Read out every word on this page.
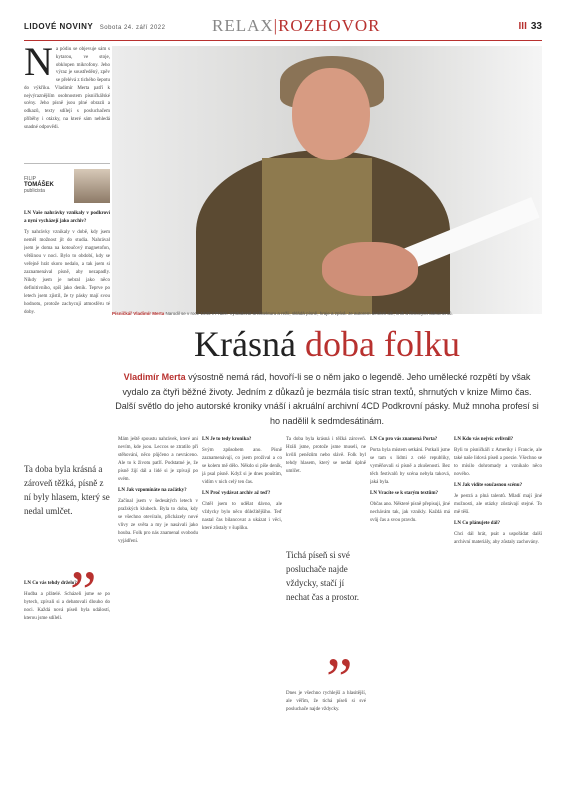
LIDOVÉ NOVINY Sobota 24. září 2022	RELAX|ROZHOVOR	III 33
N a pódiu se objevuje sám s kytarou, ve stoje, obklopen mikrofony. Jeho výraz je soustředěný, zpěv se přelévá z tichého šepotu do výkřiku. Vladimír Merta patří k nejvýraznějším osobnostem písničkářské scény. Jeho písně jsou plné obrazů a odkazů, texty sdílejí s posluchačem příběhy i otázky, na které sám nehledá snadné odpovědi.
FILIP
TOMÁŠEK
publicista
Písničkář Vladimír Merta Narodil se v roce 1946 v Praze. Vystudoval architekturu a režii, skládá písně, hraje a zpívá. Je autorem desítek alb, knih a filmových dokumentů.
Krásná doba folku
Vladimír Merta výsostně nemá rád, hovoří-li se o něm jako o legendě. Jeho umělecké rozpětí by však vydalo za čtyři běžné životy. Jedním z důkazů je bezmála tisíc stran textů, shrnutých v knize Mimo čas. Další světlo do jeho autorské kroniky vnáší i akruální archivní 4CD Podkrovní pásky. Muž mnoha profesí si ho nadělil k sedmdesátinám.

LN Vaše nahrávky vznikaly v podkroví a nyní vycházejí jako archiv?

Ty nahrávky vznikaly v době, kdy jsem neměl možnost jít do studia. Nahrával jsem je doma na kotoučový magnetofon, většinou v noci. Bylo to období, kdy se veřejně hrát skoro nedalo, a tak jsem si zaznamenával písně, aby nezapadly. Nikdy jsem je nebral jako něco definitivního, spíš jako deník. Teprve po letech jsem zjistil, že ty pásky mají svou hodnotu, protože zachycují atmosféru té doby.

Ta doba byla krásná a zároveň těžká, písně z ní byly hlasem, který se nedal umlčet.
„

LN Co vás tehdy drželo?

Hudba a přátelé. Scházeli jsme se po bytech, zpívali si a debatovali dlouho do noci. Každá nová píseň byla událostí, kterou jsme sdíleli.

Mám ještě spoustu nahrávek, které ani nevím, kde jsou. Leccos se ztratilo při stěhování, něco půjčeno a nevráceno. Ale to k životu patří. Podstatné je, že písně žijí dál a lidé si je zpívají po svém.

LN Jak vzpomínáte na začátky?

Začínal jsem v šedesátých letech v pražských klubech. Byla to doba, kdy se všechno otevíralo, přicházely nové vlivy ze světa a my je nasávali jako houba. Folk pro nás znamenal svobodu vyjádření.

LN Je to tedy kronika?

Svým způsobem ano. Písně zaznamenávají, co jsem prožíval a co se kolem mě dělo. Někdo si píše deník, já psal písně. Když si je dnes pouštím, vidím v nich celý ten čas.

LN Proč vydávat archiv až teď?

Chtěl jsem to udělat dávno, ale vždycky bylo něco důležitějšího. Teď nastal čas bilancovat a ukázat i věci, které zůstaly v šuplíku.

Ta doba byla krásná i těžká zároveň. Hráli jsme, protože jsme museli, ne kvůli penězům nebo slávě. Folk byl tehdy hlasem, který se nedal úplně umlčet.

Tichá píseň si své posluchače najde vždycky, stačí jí nechat čas a prostor.
„

Dnes je všechno rychlejší a hlasitější, ale věřím, že tichá píseň si své posluchače najde vždycky.

LN Co pro vás znamená Porta?

Porta byla místem setkání. Potkali jsme se tam s lidmi z celé republiky, vyměňovali si písně a zkušenosti. Bez těch festivalů by scéna nebyla taková, jaká byla.

LN Vracíte se k starým textům?

Občas ano. Některé písně přepisuji, jiné nechávám tak, jak vznikly. Každá má svůj čas a svou pravdu.

LN Kdo vás nejvíc ovlivnil?

Byli to písničkáři z Ameriky i Francie, ale také naše lidová píseň a poezie. Všechno se to mísilo dohromady a vznikalo něco nového.

LN Jak vidíte současnou scénu?

Je pestrá a plná talentů. Mladí mají jiné možnosti, ale otázky zůstávají stejné. To mě těší.

LN Co plánujete dál?

Chci dál hrát, psát a uspořádat další archivní materiály, aby zůstaly zachovány.
